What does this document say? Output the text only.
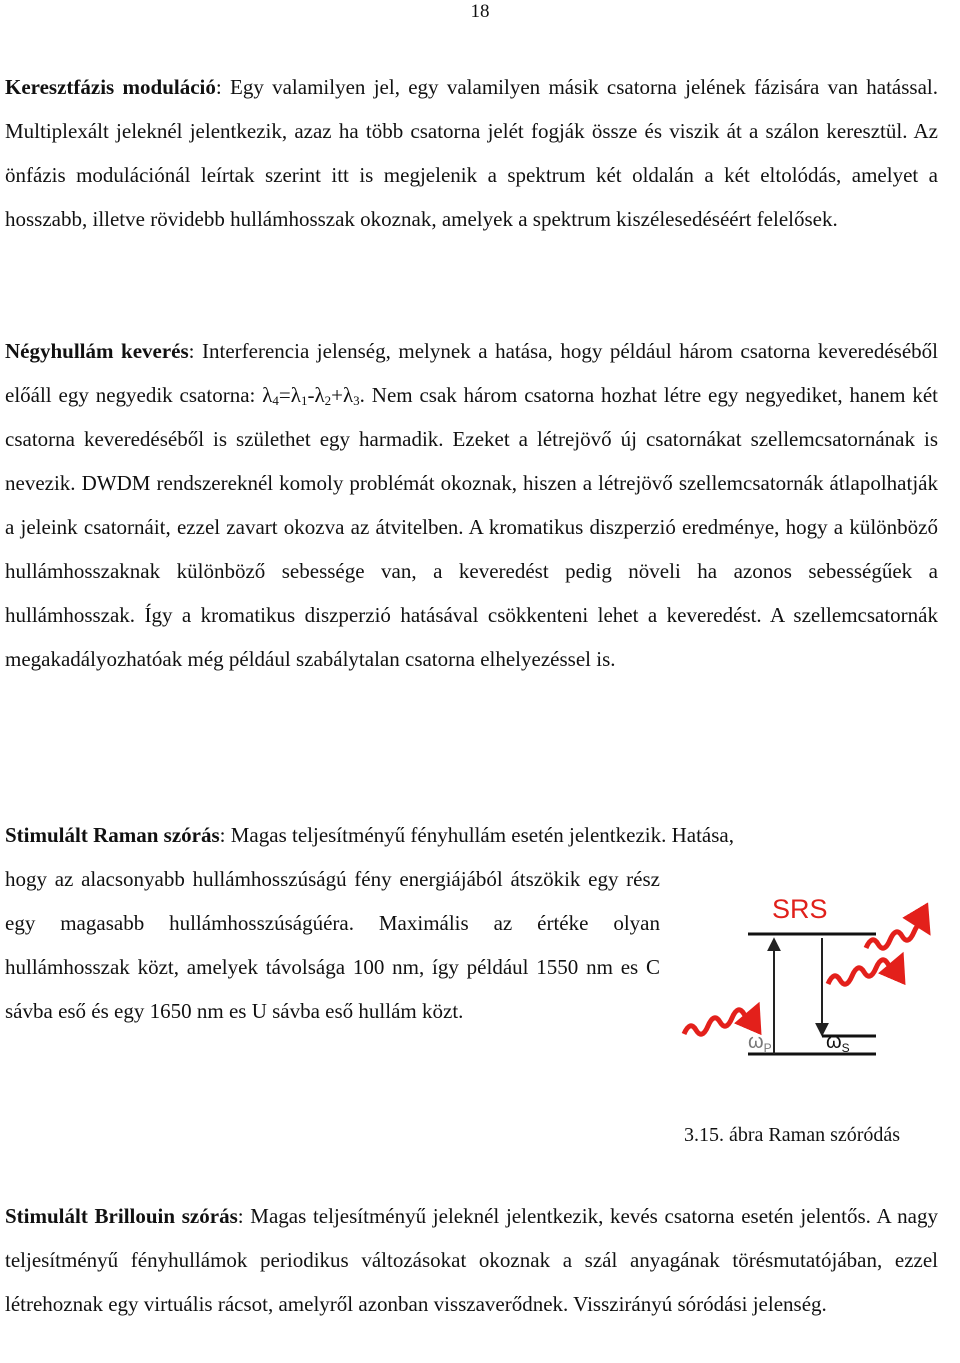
18

Keresztfázis moduláció: Egy valamilyen jel, egy valamilyen másik csatorna jelének fázisára van hatással. Multiplexált jeleknél jelentkezik, azaz ha több csatorna jelét fogják össze és viszik át a szálon keresztül. Az önfázis modulációnál leírtak szerint itt is megjelenik a spektrum két oldalán a két eltolódás, amelyet a hosszabb, illetve rövidebb hullámhosszak okoznak, amelyek a spektrum kiszélesedéséért felelősek.

Négyhullám keverés: Interferencia jelenség, melynek a hatása, hogy például három csatorna keveredéséből előáll egy negyedik csatorna: $\lambda_4=\lambda_1-\lambda_2+\lambda_3$. Nem csak három csatorna hozhat létre egy negyediket, hanem két csatorna keveredéséből is születhet egy harmadik. Ezeket a létrejövő új csatornákat szellemcsatornának is nevezik. DWDM rendszereknél komoly problémát okoznak, hiszen a létrejövő szellemcsatornák átlapolhatják a jeleink csatornáit, ezzel zavart okozva az átvitelben. A kromatikus diszperzió eredménye, hogy a különböző hullámhosszaknak különböző sebessége van, a keveredést pedig növeli ha azonos sebességűek a hullámhosszak. Így a kromatikus diszperzió hatásával csökkenteni lehet a keveredést. A szellemcsatornák megakadályozhatóak még például szabálytalan csatorna elhelyezéssel is.

Stimulált Raman szórás: Magas teljesítményű fényhullám esetén jelentkezik. Hatása,

hogy az alacsonyabb hullámhosszúságú fény energiájából átszökik egy rész egy magasabb hullámhosszúságúéra. Maximális az értéke olyan hullámhosszak közt, amelyek távolsága 100 nm, így például 1550 nm es C sávba eső és egy 1650 nm es U sávba eső hullám közt.

SRS
$\omega_P$	$\omega_S$
3.15. ábra Raman szóródás

Stimulált Brillouin szórás: Magas teljesítményű jeleknél jelentkezik, kevés csatorna esetén jelentős. A nagy teljesítményű fényhullámok periodikus változásokat okoznak a szál anyagának törésmutatójában, ezzel létrehoznak egy virtuális rácsot, amelyről azonban visszaverődnek. Visszirányú sóródási jelenség.
